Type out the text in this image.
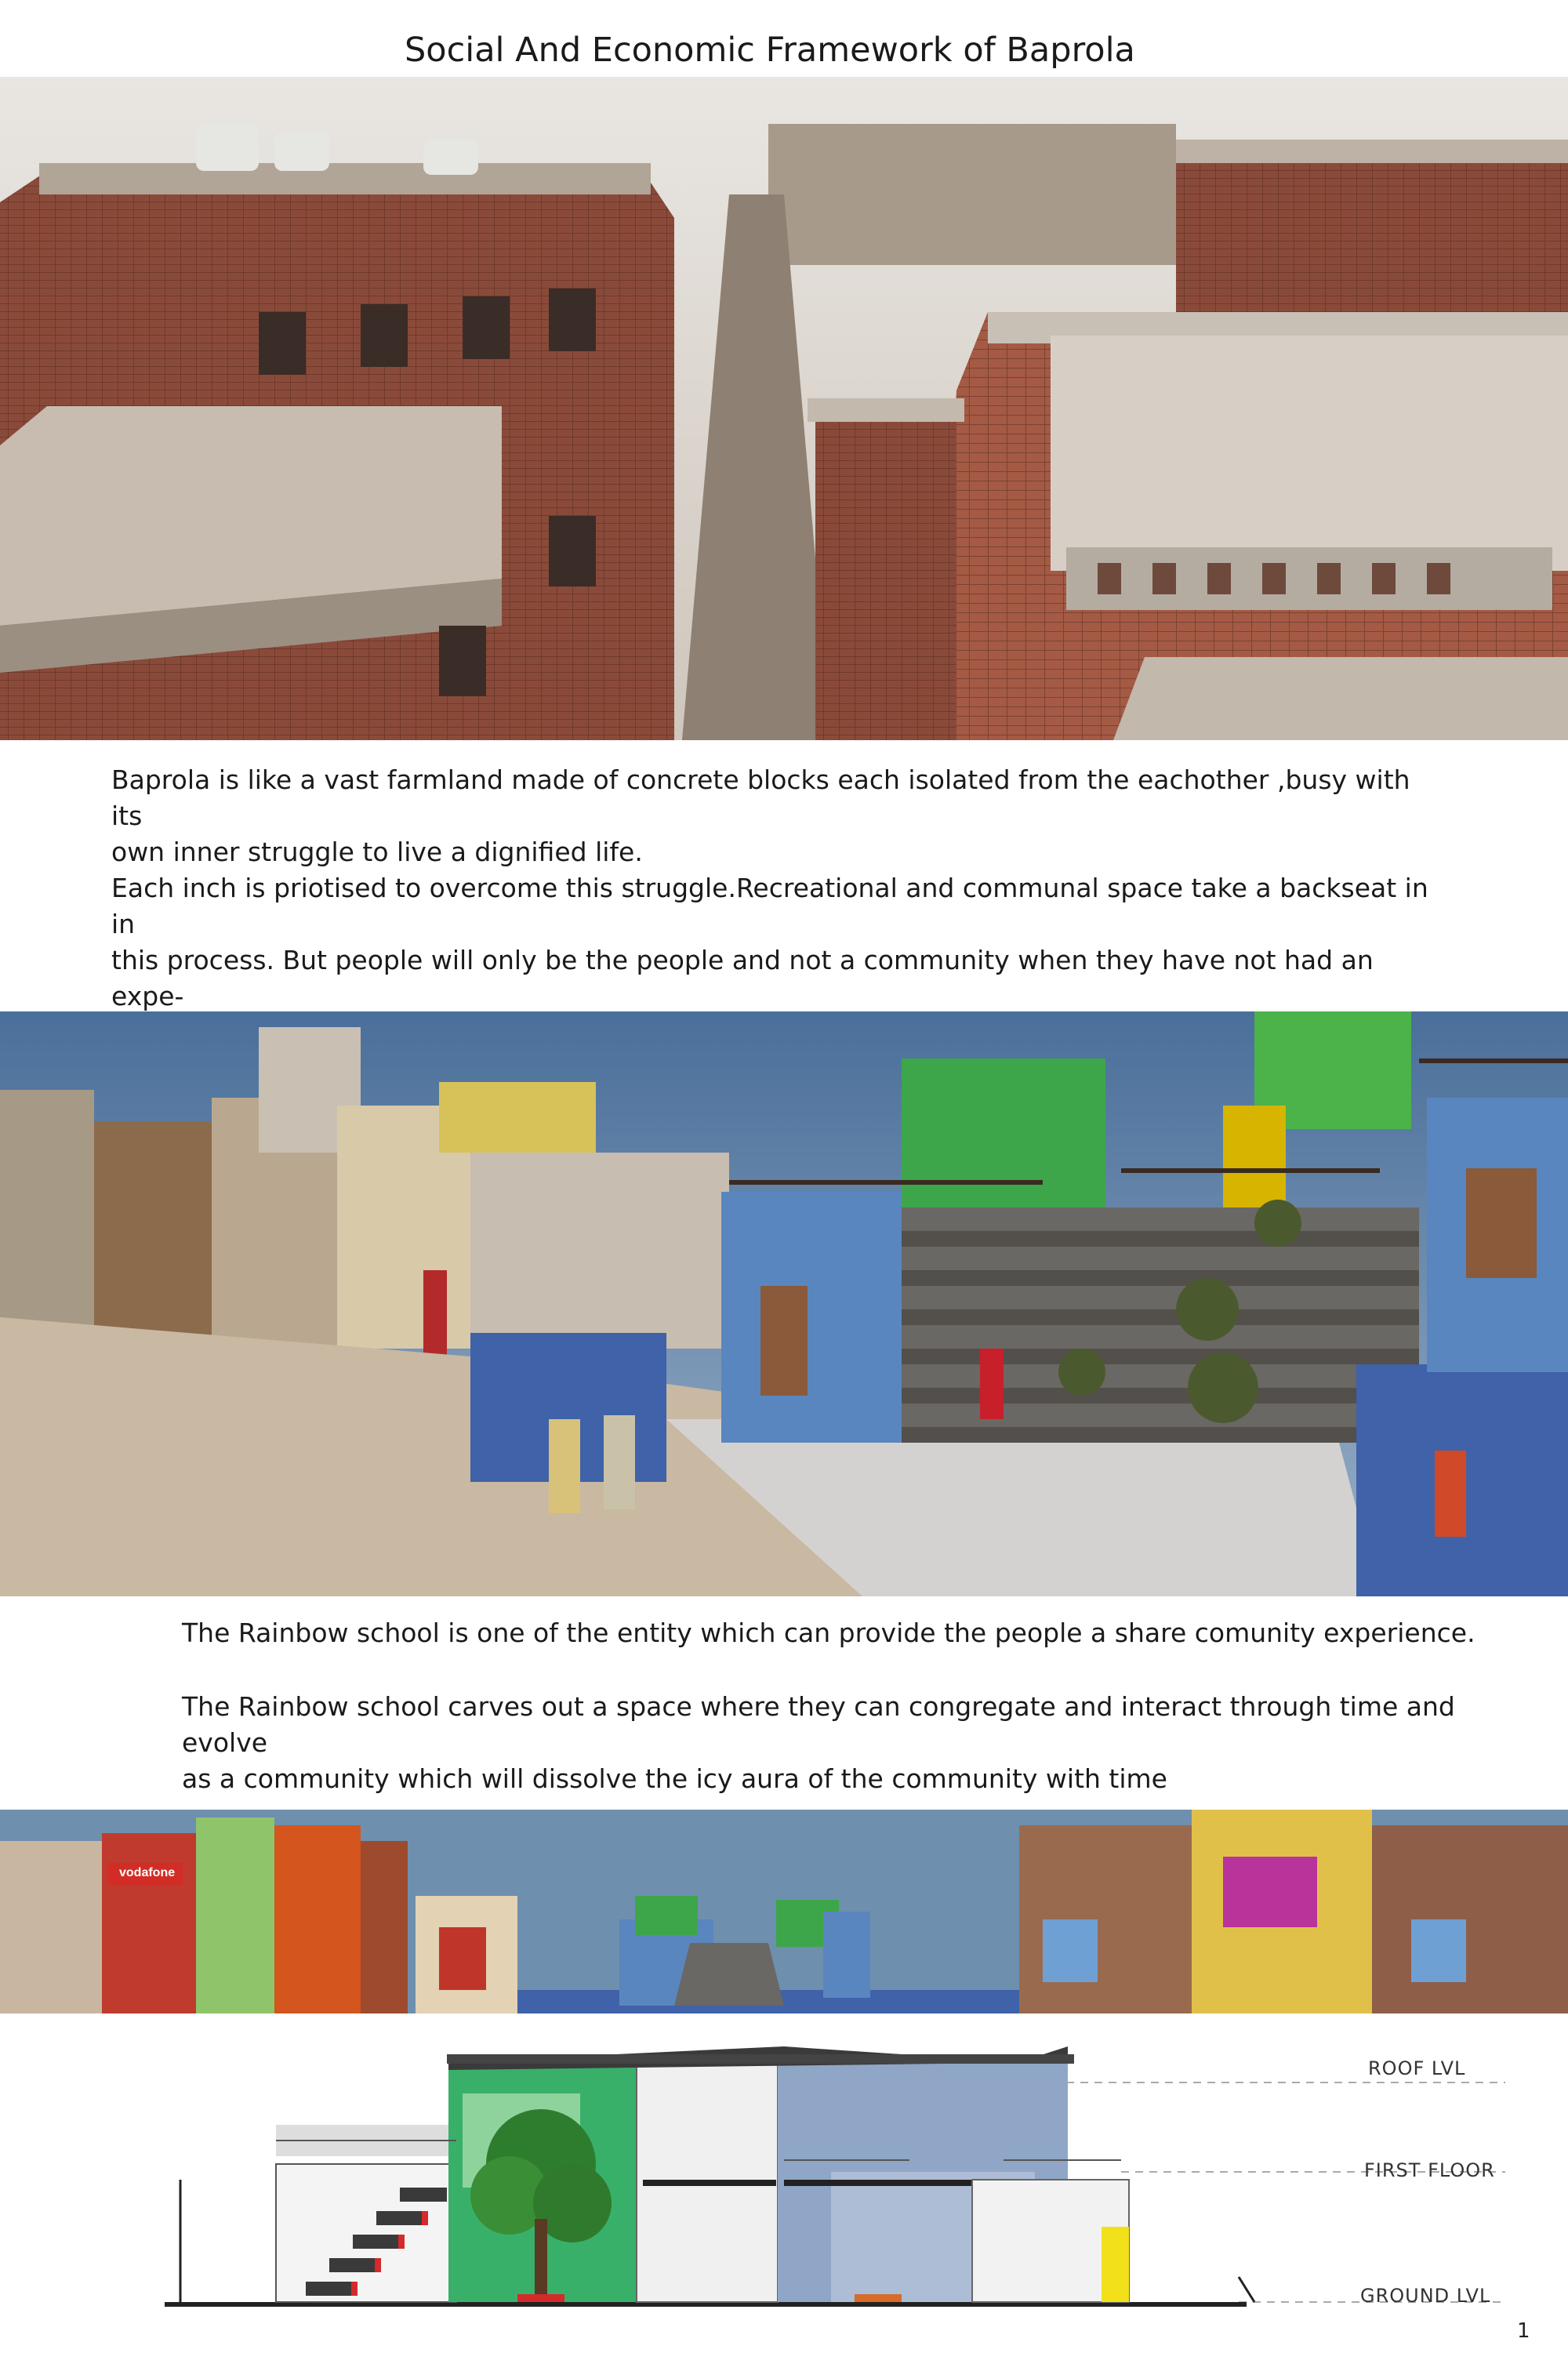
Social And Economic Framework of Baprola

Baprola is like a vast farmland made of concrete blocks each isolated from the eachother ,busy with its

own inner struggle to live a dignified life.

Each inch is priotised to overcome this struggle.Recreational and communal space take a backseat in in

this process. But people will only be the people and not a community when they have not had an expe-

The Rainbow school is one of the entity which can provide the people a share comunity experience.

The Rainbow school carves out a space where they can congregate and interact through time and evolve

as a community which will dissolve the icy aura of the community with time

vodafone
ROOF LVL
FIRST FLOOR
GROUND LVL
1
